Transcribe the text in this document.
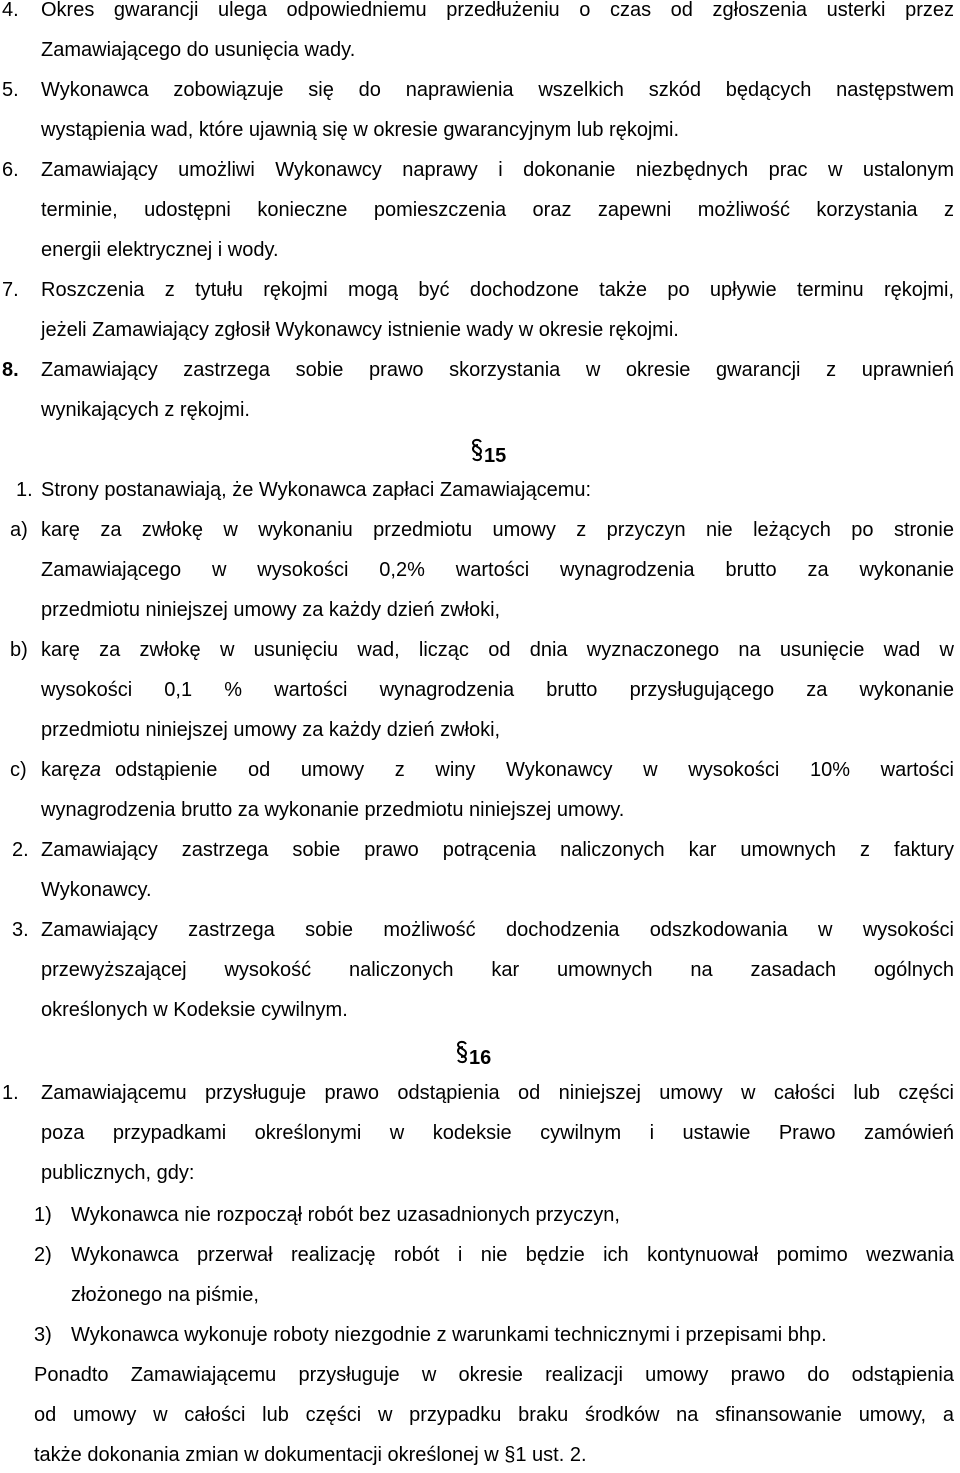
4. Okres gwarancji ulega odpowiedniemu przedłużeniu o czas od zgłoszenia usterki przez
Zamawiającego do usunięcia wady.
5. Wykonawca zobowiązuje się do naprawienia wszelkich szkód będących następstwem
wystąpienia wad, które ujawnią się w okresie gwarancyjnym lub rękojmi.
6. Zamawiający umożliwi Wykonawcy naprawy i dokonanie niezbędnych prac w ustalonym
terminie, udostępni konieczne pomieszczenia oraz zapewni możliwość korzystania z
energii elektrycznej i wody.
7. Roszczenia z tytułu rękojmi mogą być dochodzone także po upływie terminu rękojmi,
jeżeli Zamawiający zgłosił Wykonawcy istnienie wady w okresie rękojmi.
8. Zamawiający zastrzega sobie prawo skorzystania w okresie gwarancji z uprawnień
wynikających z rękojmi.
15
1. Strony postanawiają, że Wykonawca zapłaci Zamawiającemu:
a) karę za zwłokę w wykonaniu przedmiotu umowy z przyczyn nie leżących po stronie
Zamawiającego w wysokości 0,2% wartości wynagrodzenia brutto za wykonanie
przedmiotu niniejszej umowy za każdy dzień zwłoki,
b) karę za zwłokę w usunięciu wad, licząc od dnia wyznaczonego na usunięcie wad w
wysokości 0,1 % wartości wynagrodzenia brutto przysługującego za wykonanie
przedmiotu niniejszej umowy za każdy dzień zwłoki,
c) karę za odstąpienie od umowy z winy Wykonawcy w wysokości 10% wartości
wynagrodzenia brutto za wykonanie przedmiotu niniejszej umowy.
2. Zamawiający zastrzega sobie prawo potrącenia naliczonych kar umownych z faktury
Wykonawcy.
3. Zamawiający zastrzega sobie możliwość dochodzenia odszkodowania w wysokości
przewyższającej wysokość naliczonych kar umownych na zasadach ogólnych
określonych w Kodeksie cywilnym.
16
1. Zamawiającemu przysługuje prawo odstąpienia od niniejszej umowy w całości lub części
poza przypadkami określonymi w kodeksie cywilnym i ustawie Prawo zamówień
publicznych, gdy:
1) Wykonawca nie rozpoczął robót bez uzasadnionych przyczyn,
2) Wykonawca przerwał realizację robót i nie będzie ich kontynuował pomimo wezwania
złożonego na piśmie,
3) Wykonawca wykonuje roboty niezgodnie z warunkami technicznymi i przepisami bhp.
Ponadto Zamawiającemu przysługuje w okresie realizacji umowy prawo do odstąpienia
od umowy w całości lub części w przypadku braku środków na sfinansowanie umowy, a
także dokonania zmian w dokumentacji określonej w §1 ust. 2.
